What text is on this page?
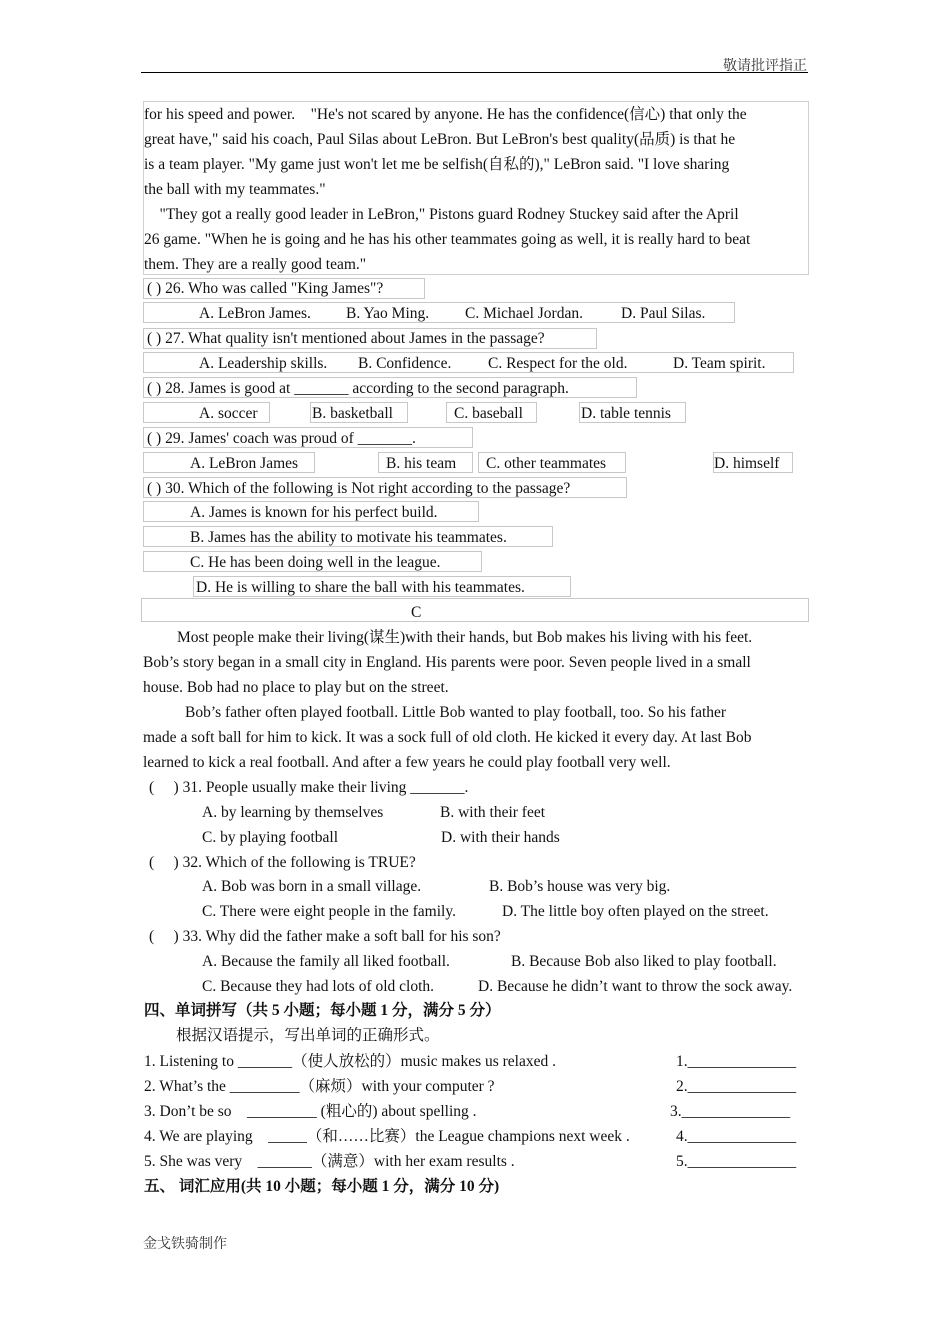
敬请批评指正
for his speed and power.　"He's not scared by anyone. He has the confidence(信心) that only the
great have," said his coach, Paul Silas about LeBron. But LeBron's best quality(品质) is that he
is a team player. "My game just won't let me be selfish(自私的)," LeBron said. "I love sharing
the ball with my teammates."
　"They got a really good leader in LeBron," Pistons guard Rodney Stuckey said after the April
26 game. "When he is going and he has his other teammates going as well, it is really hard to beat
them. They are a really good team."
( ) 26. Who was called "King James"?
A. LeBron James. B. Yao Ming. C. Michael Jordan. D. Paul Silas.
( ) 27. What quality isn't mentioned about James in the passage?
A. Leadership skills. B. Confidence. C. Respect for the old.	D. Team spirit.
( ) 28. James is good at _______ according to the second paragraph.
A. soccer	B. basketball	C. baseball	D. table tennis
( ) 29. James' coach was proud of _______.
A. LeBron James	B. his team C. other teammates	D. himself
( ) 30. Which of the following is Not right according to the passage?
A. James is known for his perfect build.
B. James has the ability to motivate his teammates.
C. He has been doing well in the league.
D. He is willing to share the ball with his teammates.
C
Most people make their living(谋生)with their hands, but Bob makes his living with his feet.
Bob’s story began in a small city in England. His parents were poor. Seven people lived in a small
house. Bob had no place to play but on the street.
Bob’s father often played football. Little Bob wanted to play football, too. So his father
made a soft ball for him to kick. It was a sock full of old cloth. He kicked it every day. At last Bob
learned to kick a real football. And after a few years he could play football very well.
(　 ) 31. People usually make their living _______.
A. by learning by themselves	B. with their feet
C. by playing football	D. with their hands
(　 ) 32. Which of the following is TRUE?
A. Bob was born in a small village.	B. Bob’s house was very big.
C. There were eight people in the family.	D. The little boy often played on the street.
(　 ) 33. Why did the father make a soft ball for his son?
A. Because the family all liked football.	B. Because Bob also liked to play football.
C. Because they had lots of old cloth.	D. Because he didn’t want to throw the sock away.
四、单词拼写（共 5 小题；每小题 1 分，满分 5 分）
根据汉语提示，写出单词的正确形式。
1. Listening to _______（使人放松的）music makes us relaxed .	1.______________
2. What’s the _________（麻烦）with your computer ?	2.______________
3. Don’t be so　_________ (粗心的) about spelling .	3.______________
4. We are playing　_____（和……比赛）the League champions next week .	4.______________
5. She was very　_______（满意）with her exam results .	5.______________
五、 词汇应用(共 10 小题；每小题 1 分，满分 10 分)
金戈铁骑制作
